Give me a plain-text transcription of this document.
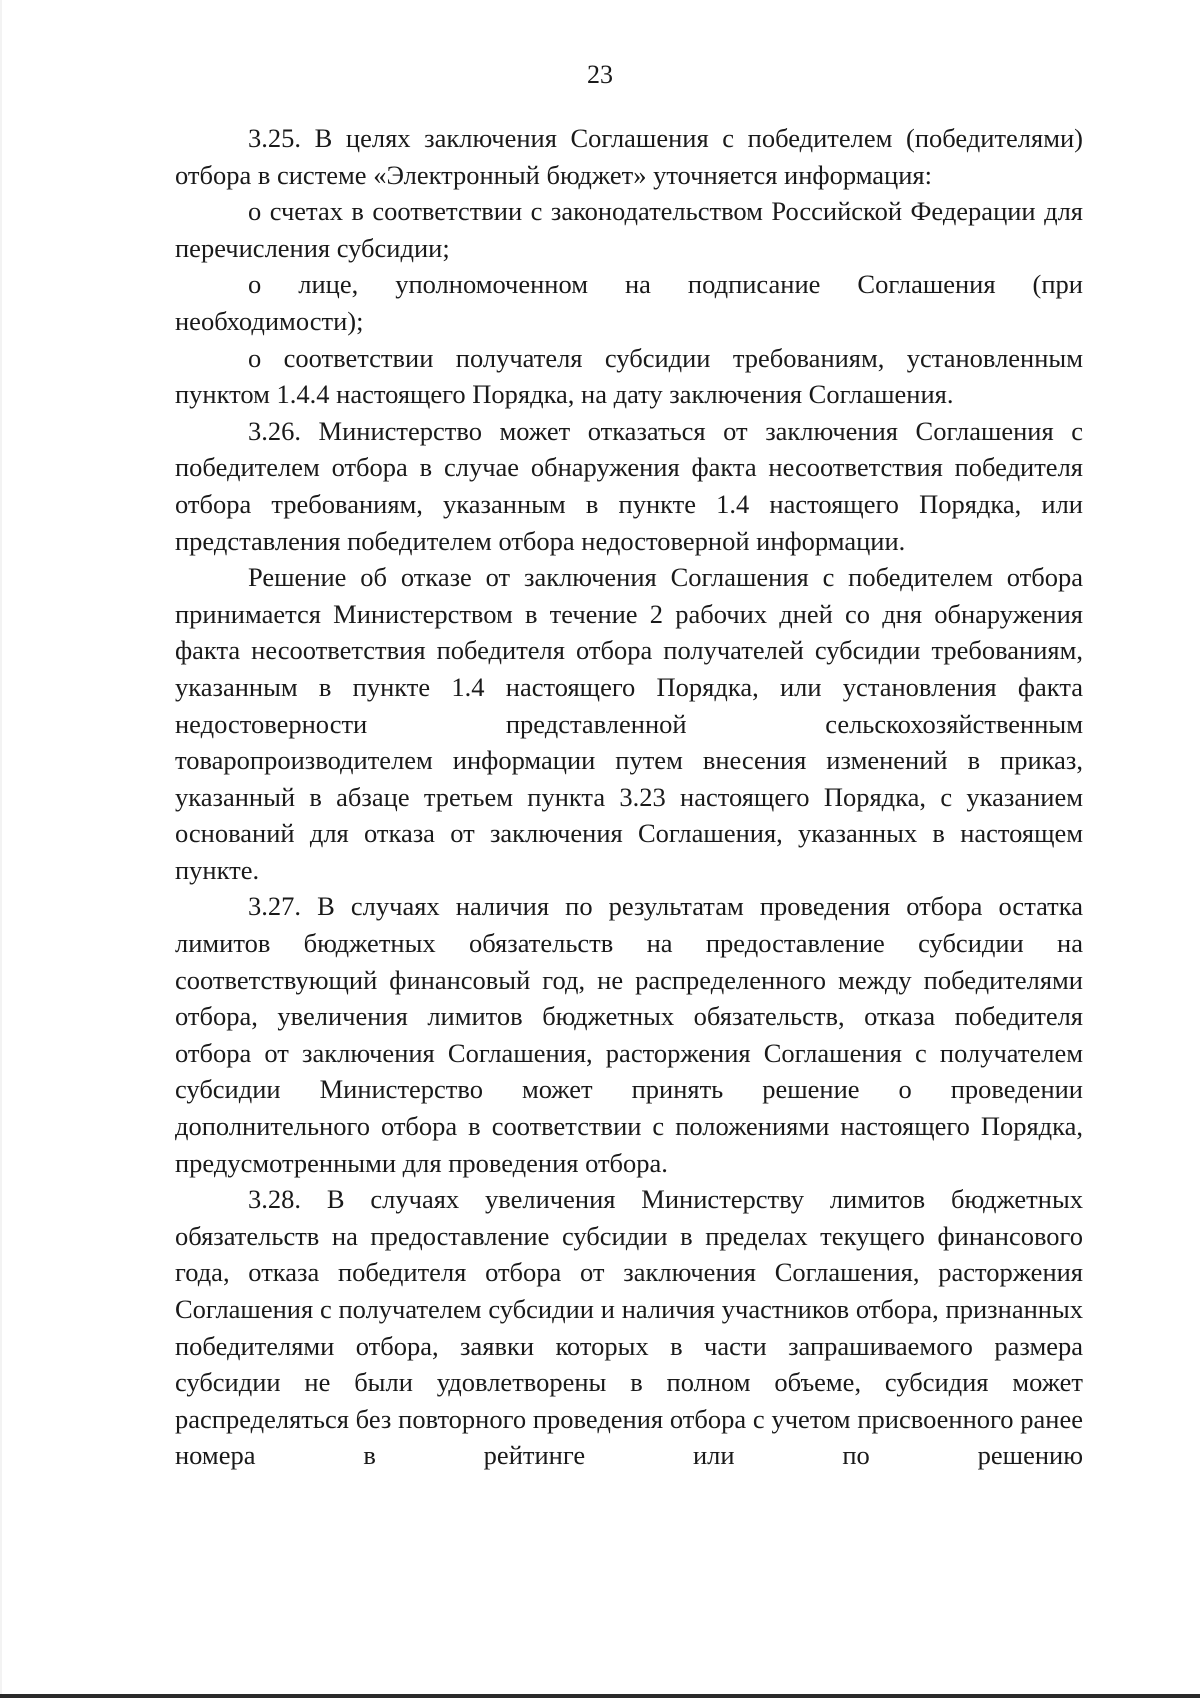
23

3.25. В целях заключения Соглашения с победителем (победителями) отбора в системе «Электронный бюджет» уточняется информация:

о счетах в соответствии с законодательством Российской Федерации для перечисления субсидии;

о лице, уполномоченном на подписание Соглашения (при необходимости);

о соответствии получателя субсидии требованиям, установленным пунктом 1.4.4 настоящего Порядка, на дату заключения Соглашения.

3.26. Министерство может отказаться от заключения Соглашения с победителем отбора в случае обнаружения факта несоответствия победителя отбора требованиям, указанным в пункте 1.4 настоящего Порядка, или представления победителем отбора недостоверной информации.

Решение об отказе от заключения Соглашения с победителем отбора принимается Министерством в течение 2 рабочих дней со дня обнаружения факта несоответствия победителя отбора получателей субсидии требованиям, указанным в пункте 1.4 настоящего Порядка, или установления факта недостоверности представленной сельскохозяйственным товаропроизводителем информации путем внесения изменений в приказ, указанный в абзаце третьем пункта 3.23 настоящего Порядка, с указанием оснований для отказа от заключения Соглашения, указанных в настоящем пункте.

3.27. В случаях наличия по результатам проведения отбора остатка лимитов бюджетных обязательств на предоставление субсидии на соответствующий финансовый год, не распределенного между победителями отбора, увеличения лимитов бюджетных обязательств, отказа победителя отбора от заключения Соглашения, расторжения Соглашения с получателем субсидии Министерство может принять решение о проведении дополнительного отбора в соответствии с положениями настоящего Порядка, предусмотренными для проведения отбора.

3.28. В случаях увеличения Министерству лимитов бюджетных обязательств на предоставление субсидии в пределах текущего финансового года, отказа победителя отбора от заключения Соглашения, расторжения Соглашения с получателем субсидии и наличия участников отбора, признанных победителями отбора, заявки которых в части запрашиваемого размера субсидии не были удовлетворены в полном объеме, субсидия может распределяться без повторного проведения отбора с учетом присвоенного ранее номера в рейтинге или по решению
